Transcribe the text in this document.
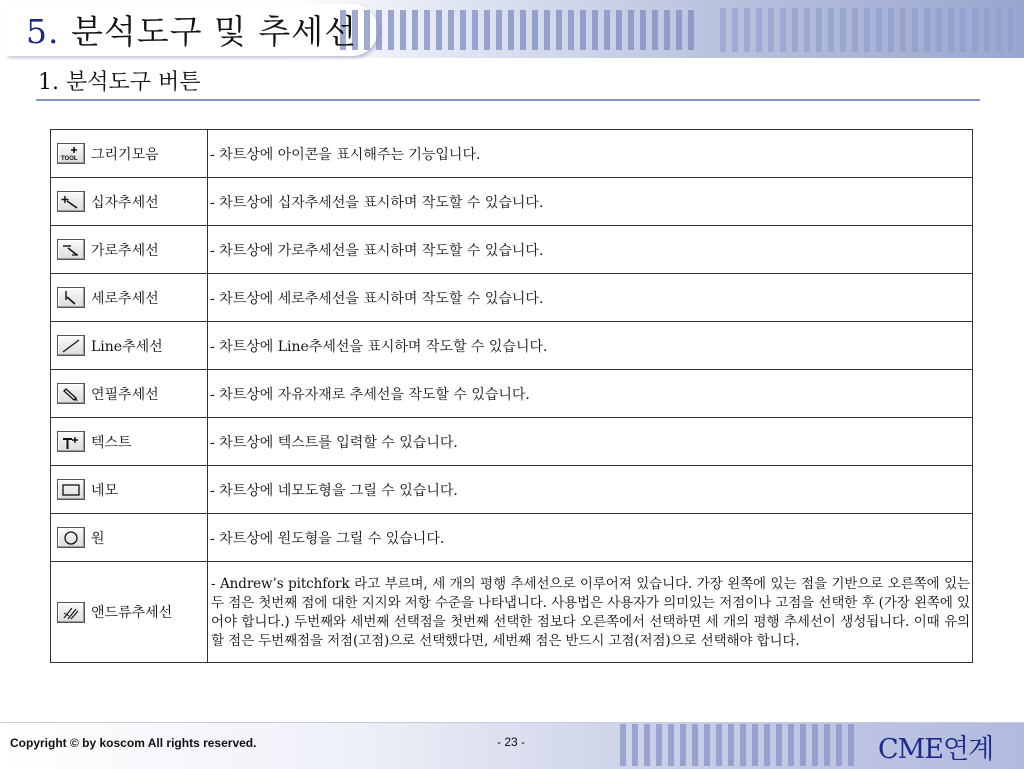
5. 분석도구 및 추세선
1. 분석도구 버튼
TOOL 그리기모음	- 차트상에 아이콘을 표시해주는 기능입니다.

십자추세선	- 차트상에 십자추세선을 표시하며 작도할 수 있습니다.

가로추세선	- 차트상에 가로추세선을 표시하며 작도할 수 있습니다.

세로추세선	- 차트상에 세로추세선을 표시하며 작도할 수 있습니다.

Line추세선	- 차트상에 Line추세선을 표시하며 작도할 수 있습니다.

연필추세선	- 차트상에 자유자재로 추세선을 작도할 수 있습니다.

텍스트	- 차트상에 텍스트를 입력할 수 있습니다.

네모	- 차트상에 네모도형을 그릴 수 있습니다.

원	- 차트상에 원도형을 그릴 수 있습니다.

앤드류추세선	- Andrew’s pitchfork 라고 부르며, 세 개의 평행 추세선으로 이루어져 있습니다. 가장 왼쪽에 있는 점을 기반으로 오른쪽에 있는 두 점은 첫번째 점에 대한 지지와 저항 수준을 나타냅니다. 사용법은 사용자가 의미있는 저점이나 고점을 선택한 후 (가장 왼쪽에 있어야 합니다.) 두번째와 세번째 선택점을 첫번째 선택한 점보다 오른쪽에서 선택하면 세 개의 평행 추세선이 생성됩니다. 이때 유의할 점은 두번째점을 저점(고점)으로 선택했다면, 세번째 점은 반드시 고점(저점)으로 선택해야 합니다.
Copyright © by koscom All rights reserved.	- 23 -	CME연계
